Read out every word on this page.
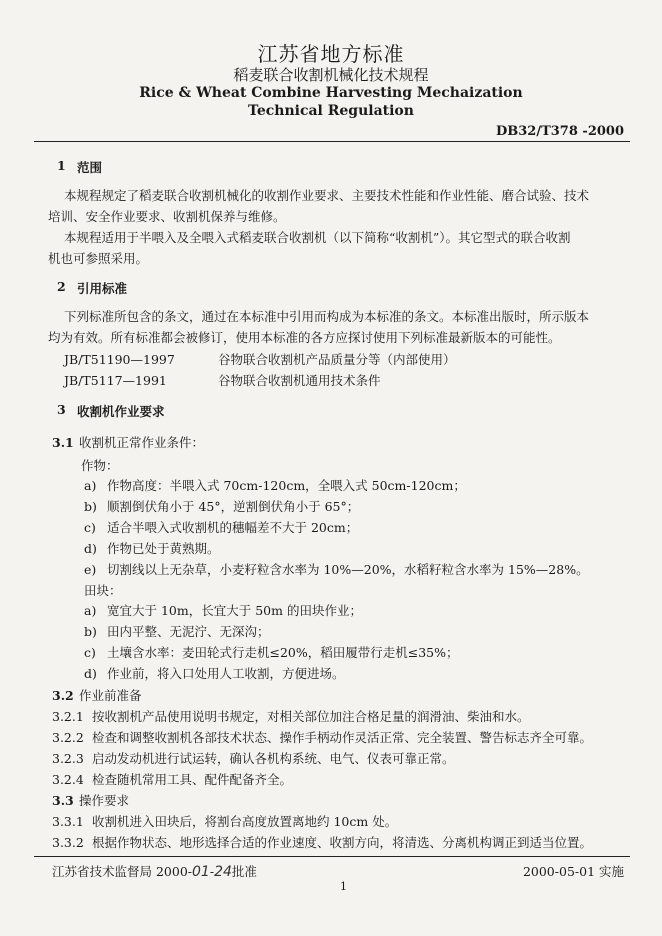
江苏省地方标准
稻麦联合收割机械化技术规程
Rice & Wheat Combine Harvesting Mechaization
Technical Regulation
DB32/T378 -2000
1 范围
本规程规定了稻麦联合收割机械化的收割作业要求、主要技术性能和作业性能、磨合试验、技术
培训、安全作业要求、收割机保养与维修。
本规程适用于半喂入及全喂入式稻麦联合收割机（以下简称“收割机”）。其它型式的联合收割
机也可参照采用。
2 引用标准
下列标准所包含的条文，通过在本标准中引用而构成为本标准的条文。本标准出版时，所示版本
均为有效。所有标准都会被修订，使用本标准的各方应探讨使用下列标准最新版本的可能性。
JB/T51190—1997	谷物联合收割机产品质量分等（内部使用）
JB/T5117—1991	谷物联合收割机通用技术条件
3 收割机作业要求
3.1 收割机正常作业条件：
作物：
a) 作物高度：半喂入式 70cm-120cm，全喂入式 50cm-120cm；
b) 顺割倒伏角小于 45°，逆割倒伏角小于 65°；
c) 适合半喂入式收割机的穗幅差不大于 20cm；
d) 作物已处于黄熟期。
e) 切割线以上无杂草，小麦籽粒含水率为 10%—20%，水稻籽粒含水率为 15%—28%。
田块：
a) 宽宜大于 10m，长宜大于 50m 的田块作业；
b) 田内平整、无泥泞、无深沟；
c) 土壤含水率：麦田轮式行走机≤20%，稻田履带行走机≤35%；
d) 作业前，将入口处用人工收割，方便进场。
3.2 作业前准备
3.2.1 按收割机产品使用说明书规定，对相关部位加注合格足量的润滑油、柴油和水。
3.2.2 检查和调整收割机各部技术状态、操作手柄动作灵活正常、完全装置、警告标志齐全可靠。
3.2.3 启动发动机进行试运转，确认各机构系统、电气、仪表可靠正常。
3.2.4 检查随机常用工具、配件配备齐全。
3.3 操作要求
3.3.1 收割机进入田块后，将割台高度放置离地约 10cm 处。
3.3.2 根据作物状态、地形选择合适的作业速度、收割方向，将清选、分离机构调正到适当位置。
江苏省技术监督局 2000-01-24批准	2000-05-01 实施
1
